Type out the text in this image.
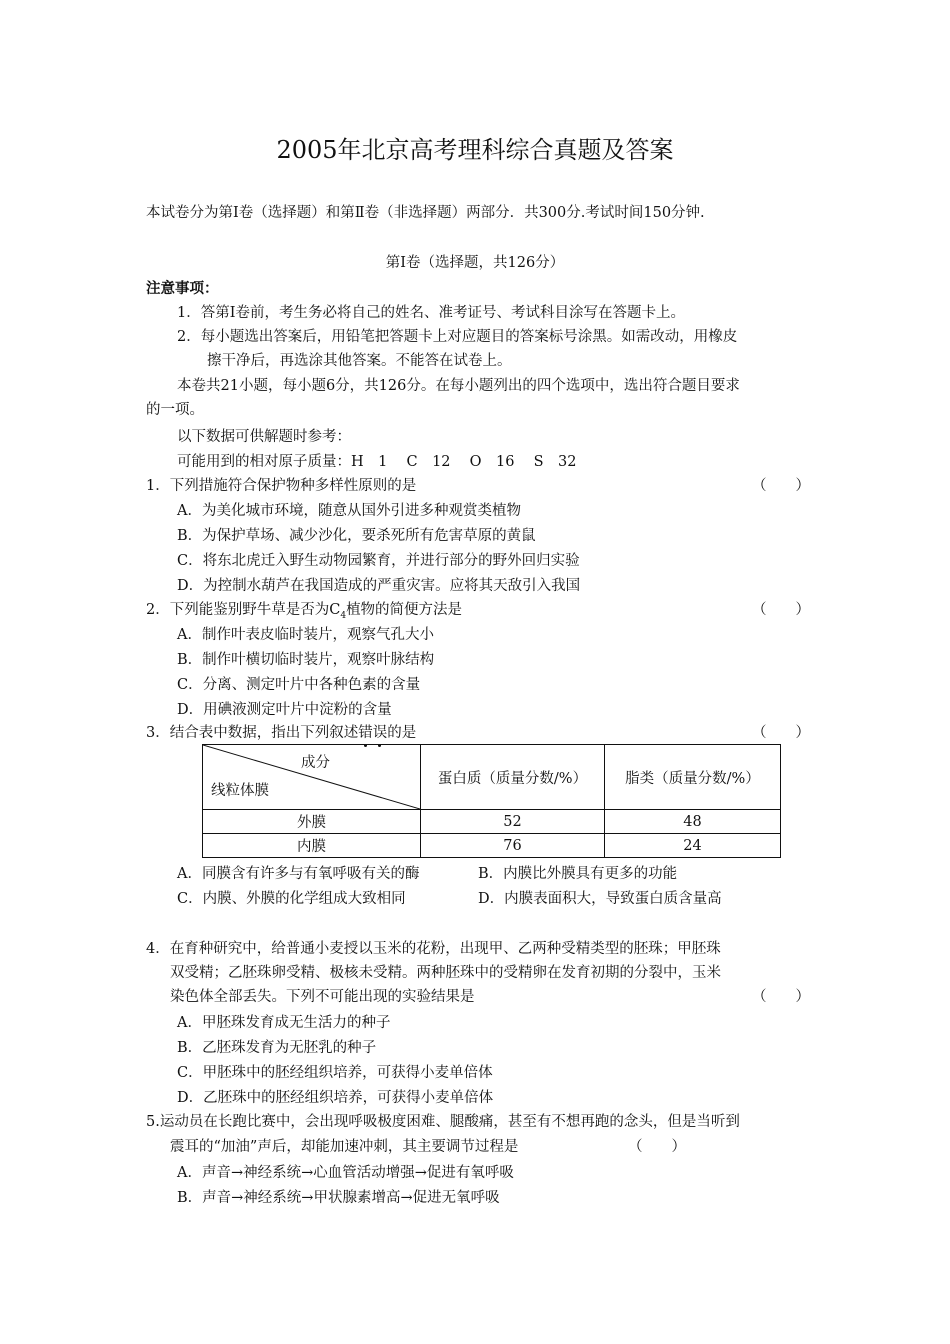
2005年北京高考理科综合真题及答案
本试卷分为第Ⅰ卷（选择题）和第Ⅱ卷（非选择题）两部分．共300分.考试时间150分钟.
第Ⅰ卷（选择题，共126分）
注意事项：
1．答第Ⅰ卷前，考生务必将自己的姓名、准考证号、考试科目涂写在答题卡上。
2．每小题选出答案后，用铅笔把答题卡上对应题目的答案标号涂黑。如需改动，用橡皮
擦干净后，再选涂其他答案。不能答在试卷上。
本卷共21小题，每小题6分，共126分。在每小题列出的四个选项中，选出符合题目要求
的一项。
以下数据可供解题时参考：
可能用到的相对原子质量：H　1　 C　12　 O　16　 S　32
1．下列措施符合保护物种多样性原则的是	（　　）
A．为美化城市环境，随意从国外引进多种观赏类植物
B．为保护草场、减少沙化，要杀死所有危害草原的黄鼠
C．将东北虎迁入野生动物园繁育，并进行部分的野外回归实验
D．为控制水葫芦在我国造成的严重灾害。应将其天敌引入我国
2．下列能鉴别野牛草是否为$C_4$植物的简便方法是	（　　）
A．制作叶表皮临时装片，观察气孔大小
B．制作叶横切临时装片，观察叶脉结构
C．分离、测定叶片中各种色素的含量
D．用碘液测定叶片中淀粉的含量
3．结合表中数据，指出下列叙述错误的是	（　　）
成分
线粒体膜	蛋白质（质量分数/%）	脂类（质量分数/%）
外膜	52	48
内膜	76	24
A．同膜含有许多与有氧呼吸有关的酶	B．内膜比外膜具有更多的功能
C．内膜、外膜的化学组成大致相同	D．内膜表面积大，导致蛋白质含量高
4．在育种研究中，给普通小麦授以玉米的花粉，出现甲、乙两种受精类型的胚珠；甲胚珠
双受精；乙胚珠卵受精、极核未受精。两种胚珠中的受精卵在发育初期的分裂中，玉米
染色体全部丢失。下列不可能出现的实验结果是	（　　）
A．甲胚珠发育成无生活力的种子
B．乙胚珠发育为无胚乳的种子
C．甲胚珠中的胚经组织培养，可获得小麦单倍体
D．乙胚珠中的胚经组织培养，可获得小麦单倍体
5.运动员在长跑比赛中，会出现呼吸极度困难、腿酸痛，甚至有不想再跑的念头，但是当听到
震耳的“加油”声后，却能加速冲刺，其主要调节过程是	（　　）
A．声音→神经系统→心血管活动增强→促进有氧呼吸
B．声音→神经系统→甲状腺素增高→促进无氧呼吸
